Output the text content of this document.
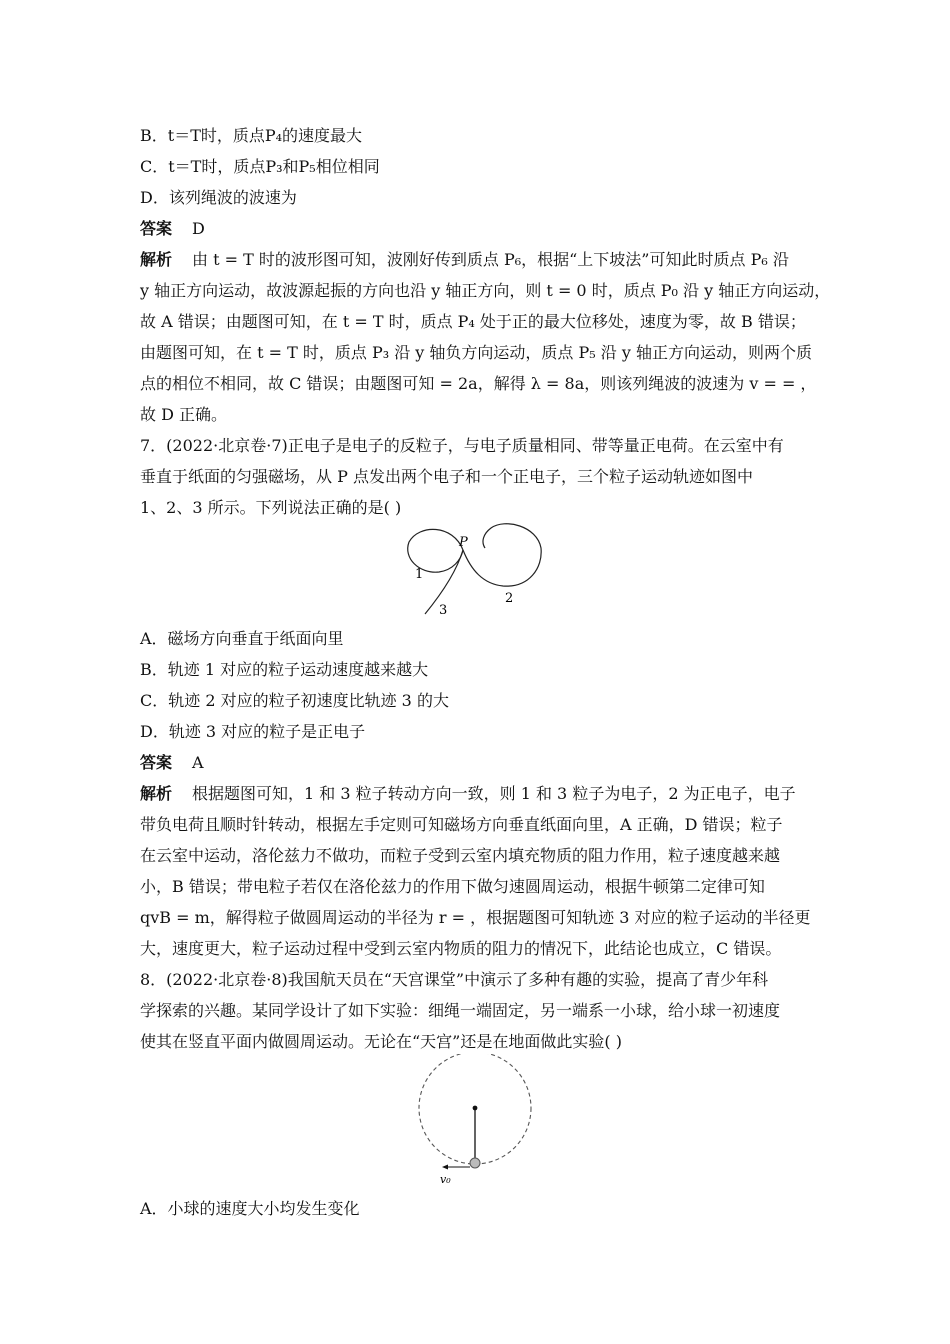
B．t＝T时，质点P₄的速度最大
C．t＝T时，质点P₃和P₅相位相同
D．该列绳波的波速为
答案 D
解析 由 t = T 时的波形图可知，波刚好传到质点 P₆，根据“上下坡法”可知此时质点 P₆ 沿
y 轴正方向运动，故波源起振的方向也沿 y 轴正方向，则 t = 0 时，质点 P₀ 沿 y 轴正方向运动，
故 A 错误；由题图可知，在 t = T 时，质点 P₄ 处于正的最大位移处，速度为零，故 B 错误；
由题图可知，在 t = T 时，质点 P₃ 沿 y 轴负方向运动，质点 P₅ 沿 y 轴正方向运动，则两个质
点的相位不相同，故 C 错误；由题图可知 = 2a，解得 λ = 8a，则该列绳波的波速为 v = = ，
故 D 正确。
7．(2022·北京卷·7)正电子是电子的反粒子，与电子质量相同、带等量正电荷。在云室中有
垂直于纸面的匀强磁场，从 P 点发出两个电子和一个正电子，三个粒子运动轨迹如图中
1、2、3 所示。下列说法正确的是( )
P
1
2
3
A．磁场方向垂直于纸面向里
B．轨迹 1 对应的粒子运动速度越来越大
C．轨迹 2 对应的粒子初速度比轨迹 3 的大
D．轨迹 3 对应的粒子是正电子
答案 A
解析 根据题图可知，1 和 3 粒子转动方向一致，则 1 和 3 粒子为电子，2 为正电子，电子
带负电荷且顺时针转动，根据左手定则可知磁场方向垂直纸面向里，A 正确，D 错误；粒子
在云室中运动，洛伦兹力不做功，而粒子受到云室内填充物质的阻力作用，粒子速度越来越
小，B 错误；带电粒子若仅在洛伦兹力的作用下做匀速圆周运动，根据牛顿第二定律可知
qvB = m，解得粒子做圆周运动的半径为 r = ，根据题图可知轨迹 3 对应的粒子运动的半径更
大，速度更大，粒子运动过程中受到云室内物质的阻力的情况下，此结论也成立，C 错误。
8．(2022·北京卷·8)我国航天员在“天宫课堂”中演示了多种有趣的实验，提高了青少年科
学探索的兴趣。某同学设计了如下实验：细绳一端固定，另一端系一小球，给小球一初速度
使其在竖直平面内做圆周运动。无论在“天宫”还是在地面做此实验( )
v₀
A．小球的速度大小均发生变化
